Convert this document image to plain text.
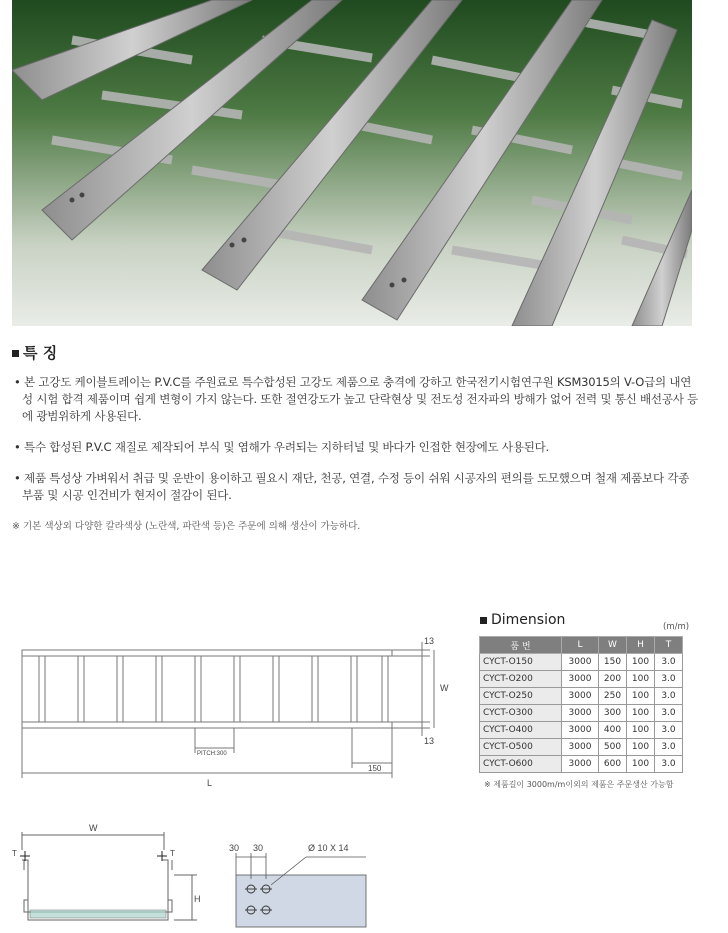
특 징
• 본 고강도 케이블트레이는 P.V.C를 주원료로 특수합성된 고강도 제품으로 충격에 강하고 한국전기시험연구원 KSM3015의 V-O급의 내연성 시험 합격 제품이며 쉽게 변형이 가지 않는다. 또한 절연강도가 높고 단락현상 및 전도성 전자파의 방해가 없어 전력 및 통신 배선공사 등에 광범위하게 사용된다.
• 특수 합성된 P.V.C 재질로 제작되어 부식 및 염해가 우려되는 지하터널 및 바다가 인접한 현장에도 사용된다.
• 제품 특성상 가벼워서 취급 및 운반이 용이하고 필요시 재단, 천공, 연결, 수정 등이 쉬워 시공자의 편의를 도모했으며 철재 제품보다 각종 부품 및 시공 인건비가 현저이 절감이 된다.
※ 기본 색상외 다양한 칼라색상 (노란색, 파란색 등)은 주문에 의해 생산이 가능하다.
13
W
13
PITCH:300
150
L
Dimension	(m/m)
품 번	L	W	H	T
CYCT-O150	3000	150	100	3.0
CYCT-O200	3000	200	100	3.0
CYCT-O250	3000	250	100	3.0
CYCT-O300	3000	300	100	3.0
CYCT-O400	3000	400	100	3.0
CYCT-O500	3000	500	100	3.0
CYCT-O600	3000	600	100	3.0
※ 제품길이 3000m/m이외의 제품은 주문생산 가능함
W
T	T
H
30 30	Ø 10 X 14
